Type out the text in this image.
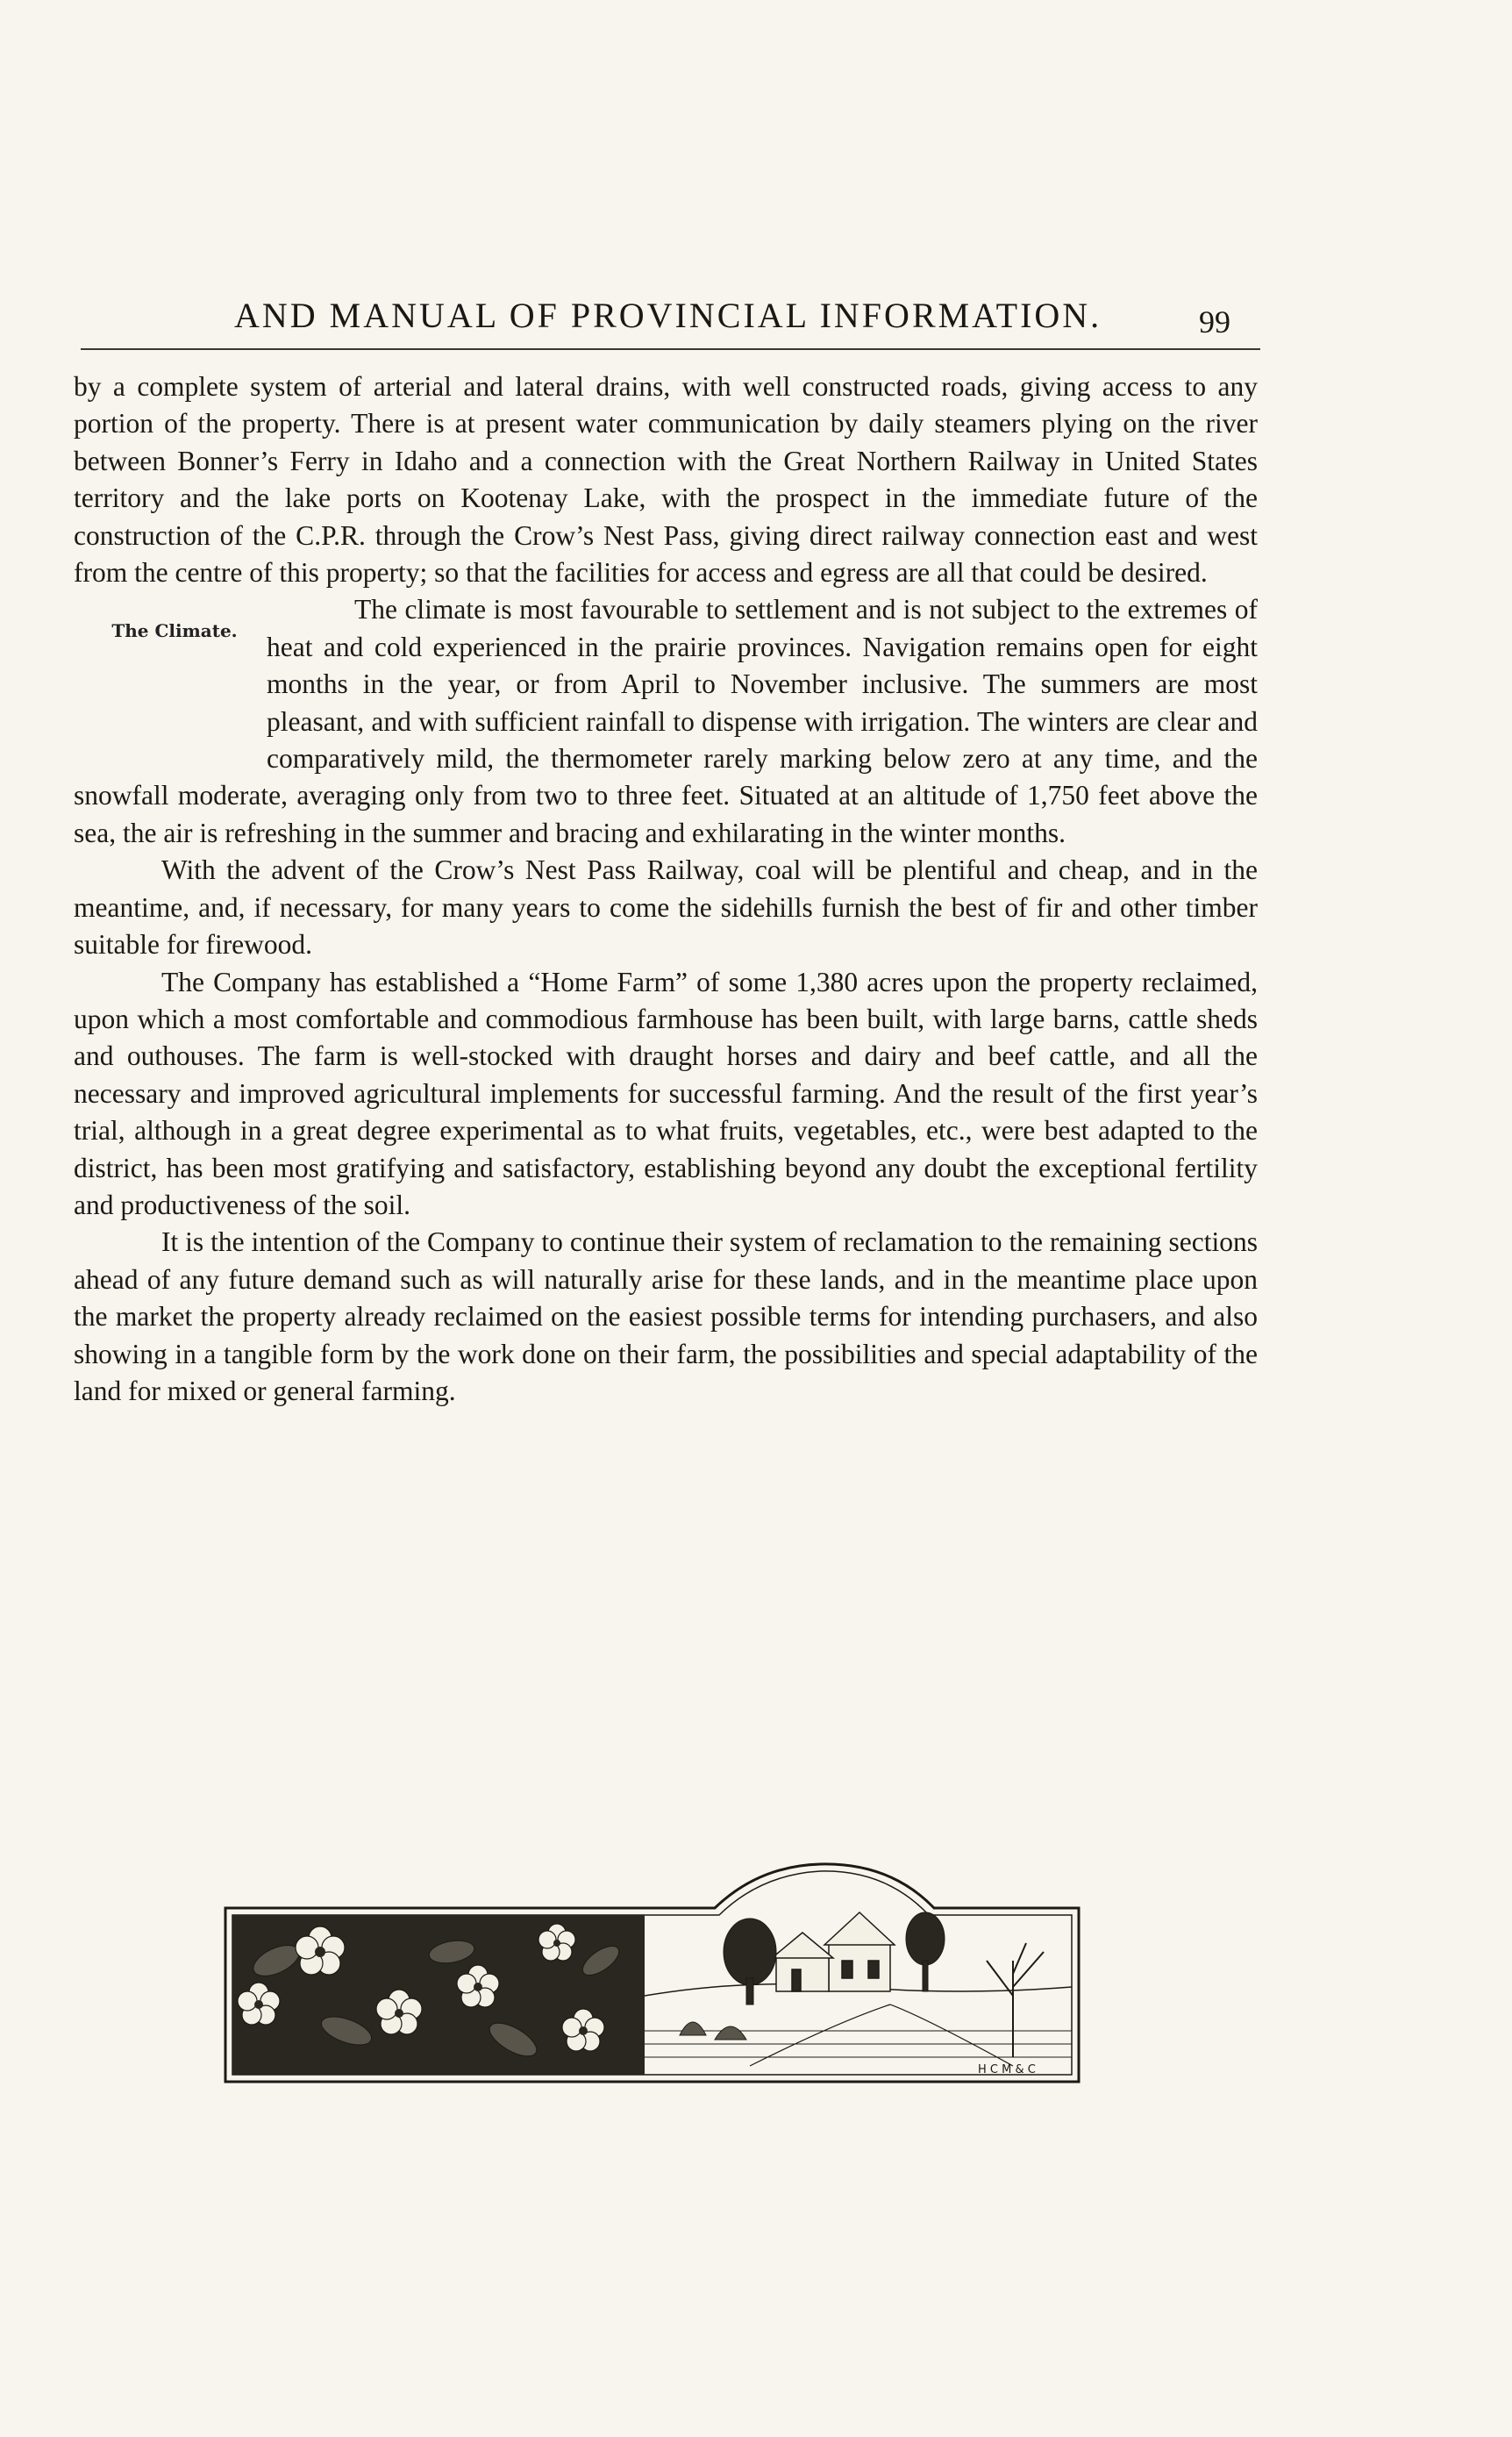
AND MANUAL OF PROVINCIAL INFORMATION.	99

by a complete system of arterial and lateral drains, with well constructed roads, giving access to any portion of the property. There is at present water communication by daily steamers plying on the river between Bonner’s Ferry in Idaho and a connection with the Great Northern Railway in United States territory and the lake ports on Kootenay Lake, with the prospect in the immediate future of the construction of the C.P.R. through the Crow’s Nest Pass, giving direct railway connection east and west from the centre of this property; so that the facilities for access and egress are all that could be desired.

The Climate.

The climate is most favourable to settlement and is not subject to the extremes of heat and cold experienced in the prairie provinces. Navigation remains open for eight months in the year, or from April to November inclusive. The summers are most pleasant, and with sufficient rainfall to dispense with irrigation. The winters are clear and comparatively mild, the thermometer rarely marking below zero at any time, and the snowfall moderate, averaging only from two to three feet. Situated at an altitude of 1,750 feet above the sea, the air is refreshing in the summer and bracing and exhilarating in the winter months.

With the advent of the Crow’s Nest Pass Railway, coal will be plentiful and cheap, and in the meantime, and, if necessary, for many years to come the sidehills furnish the best of fir and other timber suitable for firewood.

The Company has established a “Home Farm” of some 1,380 acres upon the property reclaimed, upon which a most comfortable and commodious farmhouse has been built, with large barns, cattle sheds and outhouses. The farm is well-stocked with draught horses and dairy and beef cattle, and all the necessary and improved agricultural implements for successful farming. And the result of the first year’s trial, although in a great degree experimental as to what fruits, vegetables, etc., were best adapted to the district, has been most gratifying and satisfactory, establishing beyond any doubt the exceptional fertility and productiveness of the soil.

It is the intention of the Company to continue their system of reclamation to the remaining sections ahead of any future demand such as will naturally arise for these lands, and in the meantime place upon the market the property already reclaimed on the easiest possible terms for intending purchasers, and also showing in a tangible form by the work done on their farm, the possibilities and special adaptability of the land for mixed or general farming.

H C M & C
